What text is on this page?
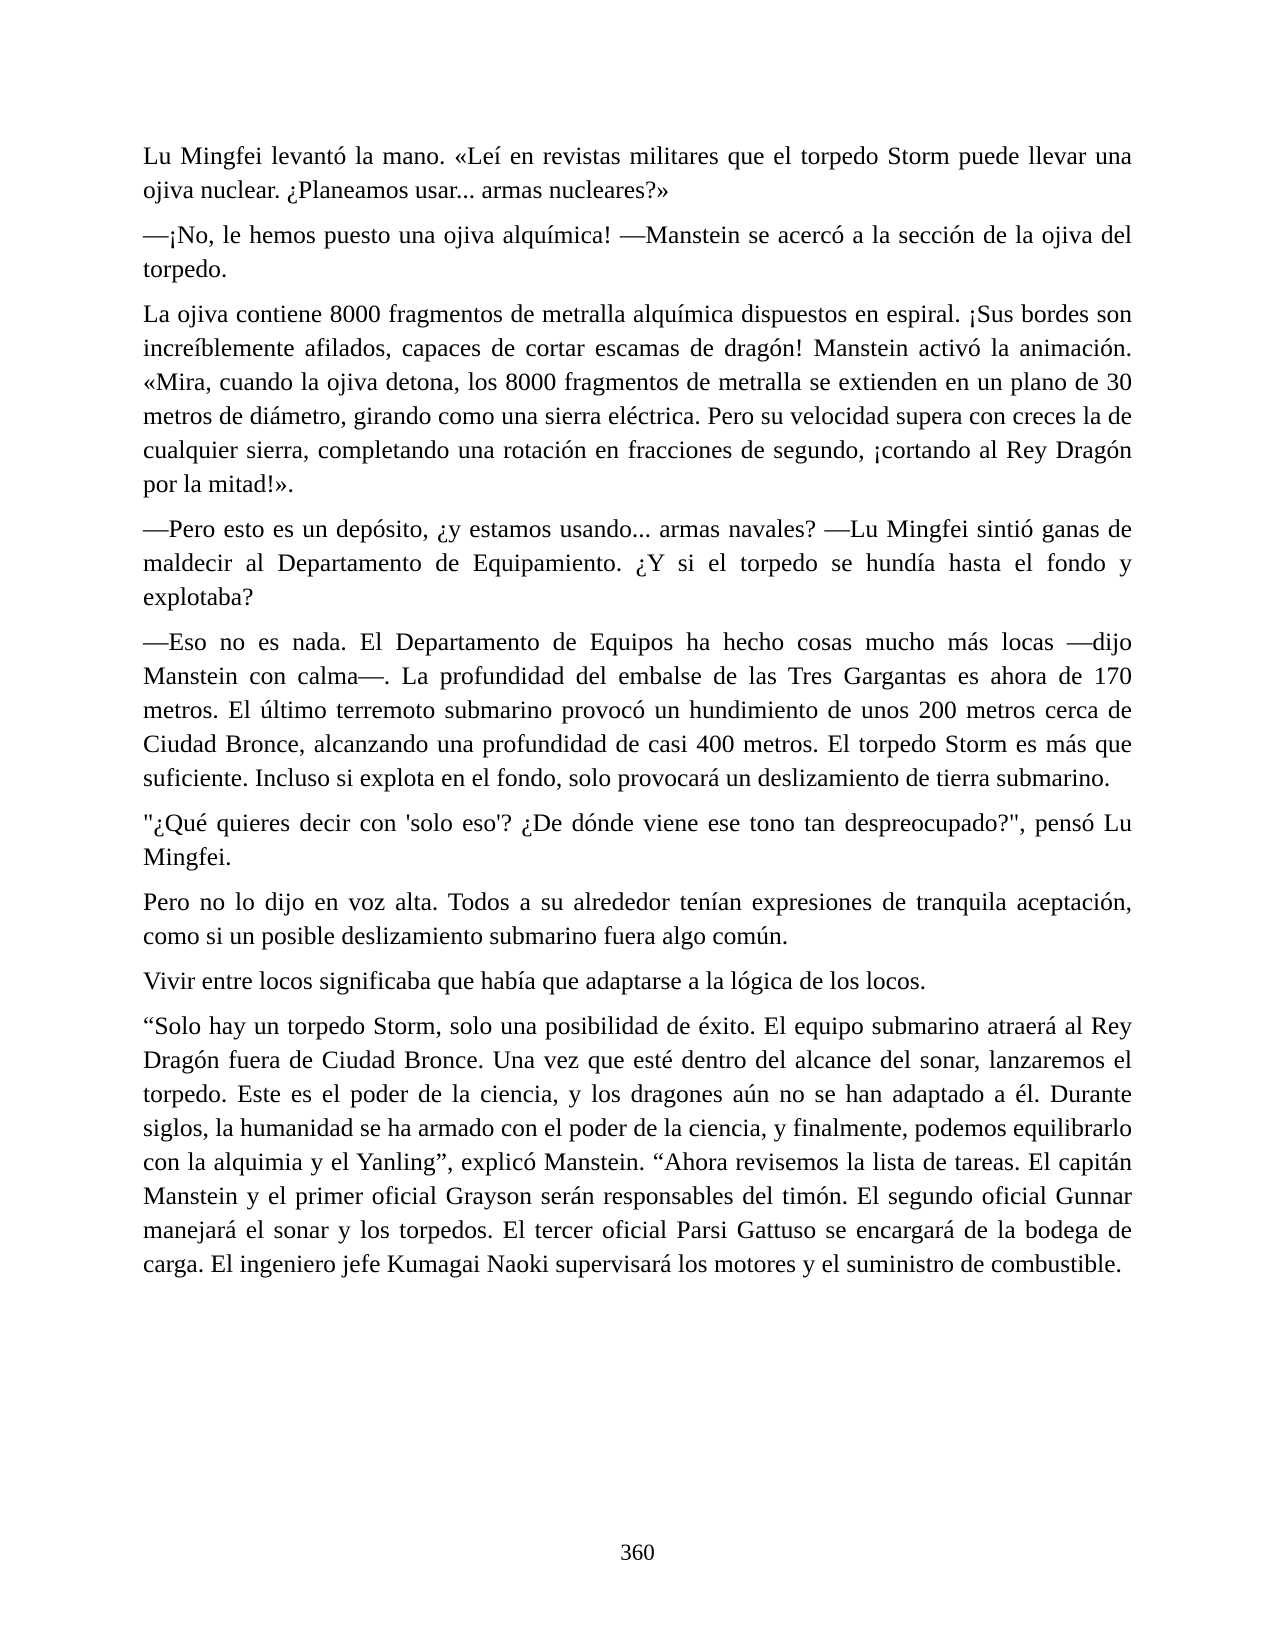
Lu Mingfei levantó la mano. «Leí en revistas militares que el torpedo Storm puede llevar una ojiva nuclear. ¿Planeamos usar... armas nucleares?»

—¡No, le hemos puesto una ojiva alquímica! —Manstein se acercó a la sección de la ojiva del torpedo.

La ojiva contiene 8000 fragmentos de metralla alquímica dispuestos en espiral. ¡Sus bordes son increíblemente afilados, capaces de cortar escamas de dragón! Manstein activó la animación. «Mira, cuando la ojiva detona, los 8000 fragmentos de metralla se extienden en un plano de 30 metros de diámetro, girando como una sierra eléctrica. Pero su velocidad supera con creces la de cualquier sierra, completando una rotación en fracciones de segundo, ¡cortando al Rey Dragón por la mitad!».

—Pero esto es un depósito, ¿y estamos usando... armas navales? —Lu Mingfei sintió ganas de maldecir al Departamento de Equipamiento. ¿Y si el torpedo se hundía hasta el fondo y explotaba?

—Eso no es nada. El Departamento de Equipos ha hecho cosas mucho más locas —dijo Manstein con calma—. La profundidad del embalse de las Tres Gargantas es ahora de 170 metros. El último terremoto submarino provocó un hundimiento de unos 200 metros cerca de Ciudad Bronce, alcanzando una profundidad de casi 400 metros. El torpedo Storm es más que suficiente. Incluso si explota en el fondo, solo provocará un deslizamiento de tierra submarino.

"¿Qué quieres decir con 'solo eso'? ¿De dónde viene ese tono tan despreocupado?", pensó Lu Mingfei.

Pero no lo dijo en voz alta. Todos a su alrededor tenían expresiones de tranquila aceptación, como si un posible deslizamiento submarino fuera algo común.

Vivir entre locos significaba que había que adaptarse a la lógica de los locos.

“Solo hay un torpedo Storm, solo una posibilidad de éxito. El equipo submarino atraerá al Rey Dragón fuera de Ciudad Bronce. Una vez que esté dentro del alcance del sonar, lanzaremos el torpedo. Este es el poder de la ciencia, y los dragones aún no se han adaptado a él. Durante siglos, la humanidad se ha armado con el poder de la ciencia, y finalmente, podemos equilibrarlo con la alquimia y el Yanling”, explicó Manstein. “Ahora revisemos la lista de tareas. El capitán Manstein y el primer oficial Grayson serán responsables del timón. El segundo oficial Gunnar manejará el sonar y los torpedos. El tercer oficial Parsi Gattuso se encargará de la bodega de carga. El ingeniero jefe Kumagai Naoki supervisará los motores y el suministro de combustible.

360
